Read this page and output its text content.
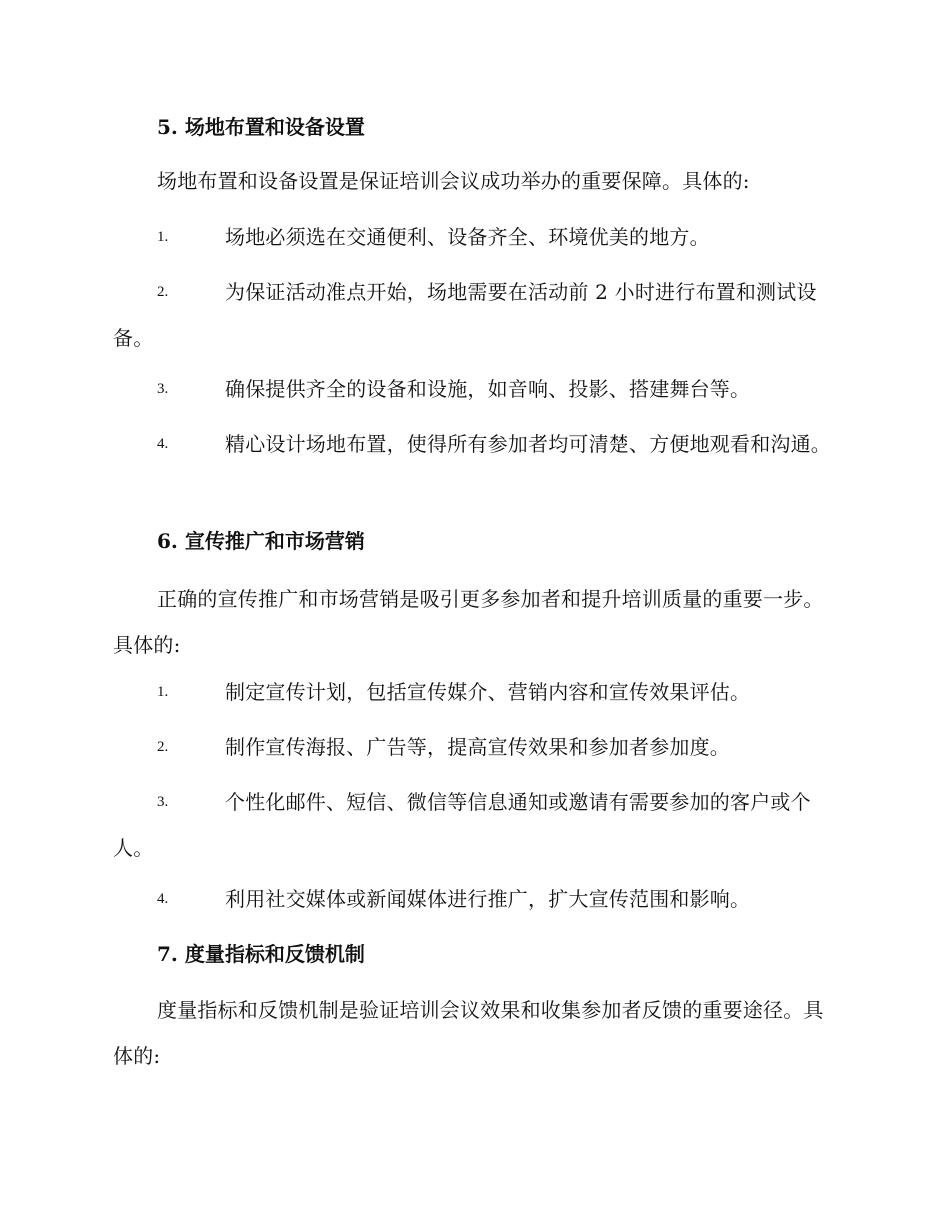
5. 场地布置和设备设置
场地布置和设备设置是保证培训会议成功举办的重要保障。具体的:
1.	场地必须选在交通便利、设备齐全、环境优美的地方。
2.	为保证活动准点开始，场地需要在活动前 2 小时进行布置和测试设备。
3.	确保提供齐全的设备和设施，如音响、投影、搭建舞台等。
4.	精心设计场地布置，使得所有参加者均可清楚、方便地观看和沟通。
6. 宣传推广和市场营销
正确的宣传推广和市场营销是吸引更多参加者和提升培训质量的重要一步。具体的:
1.	制定宣传计划，包括宣传媒介、营销内容和宣传效果评估。
2.	制作宣传海报、广告等，提高宣传效果和参加者参加度。
3.	个性化邮件、短信、微信等信息通知或邀请有需要参加的客户或个人。
4.	利用社交媒体或新闻媒体进行推广，扩大宣传范围和影响。
7. 度量指标和反馈机制
度量指标和反馈机制是验证培训会议效果和收集参加者反馈的重要途径。具体的:
